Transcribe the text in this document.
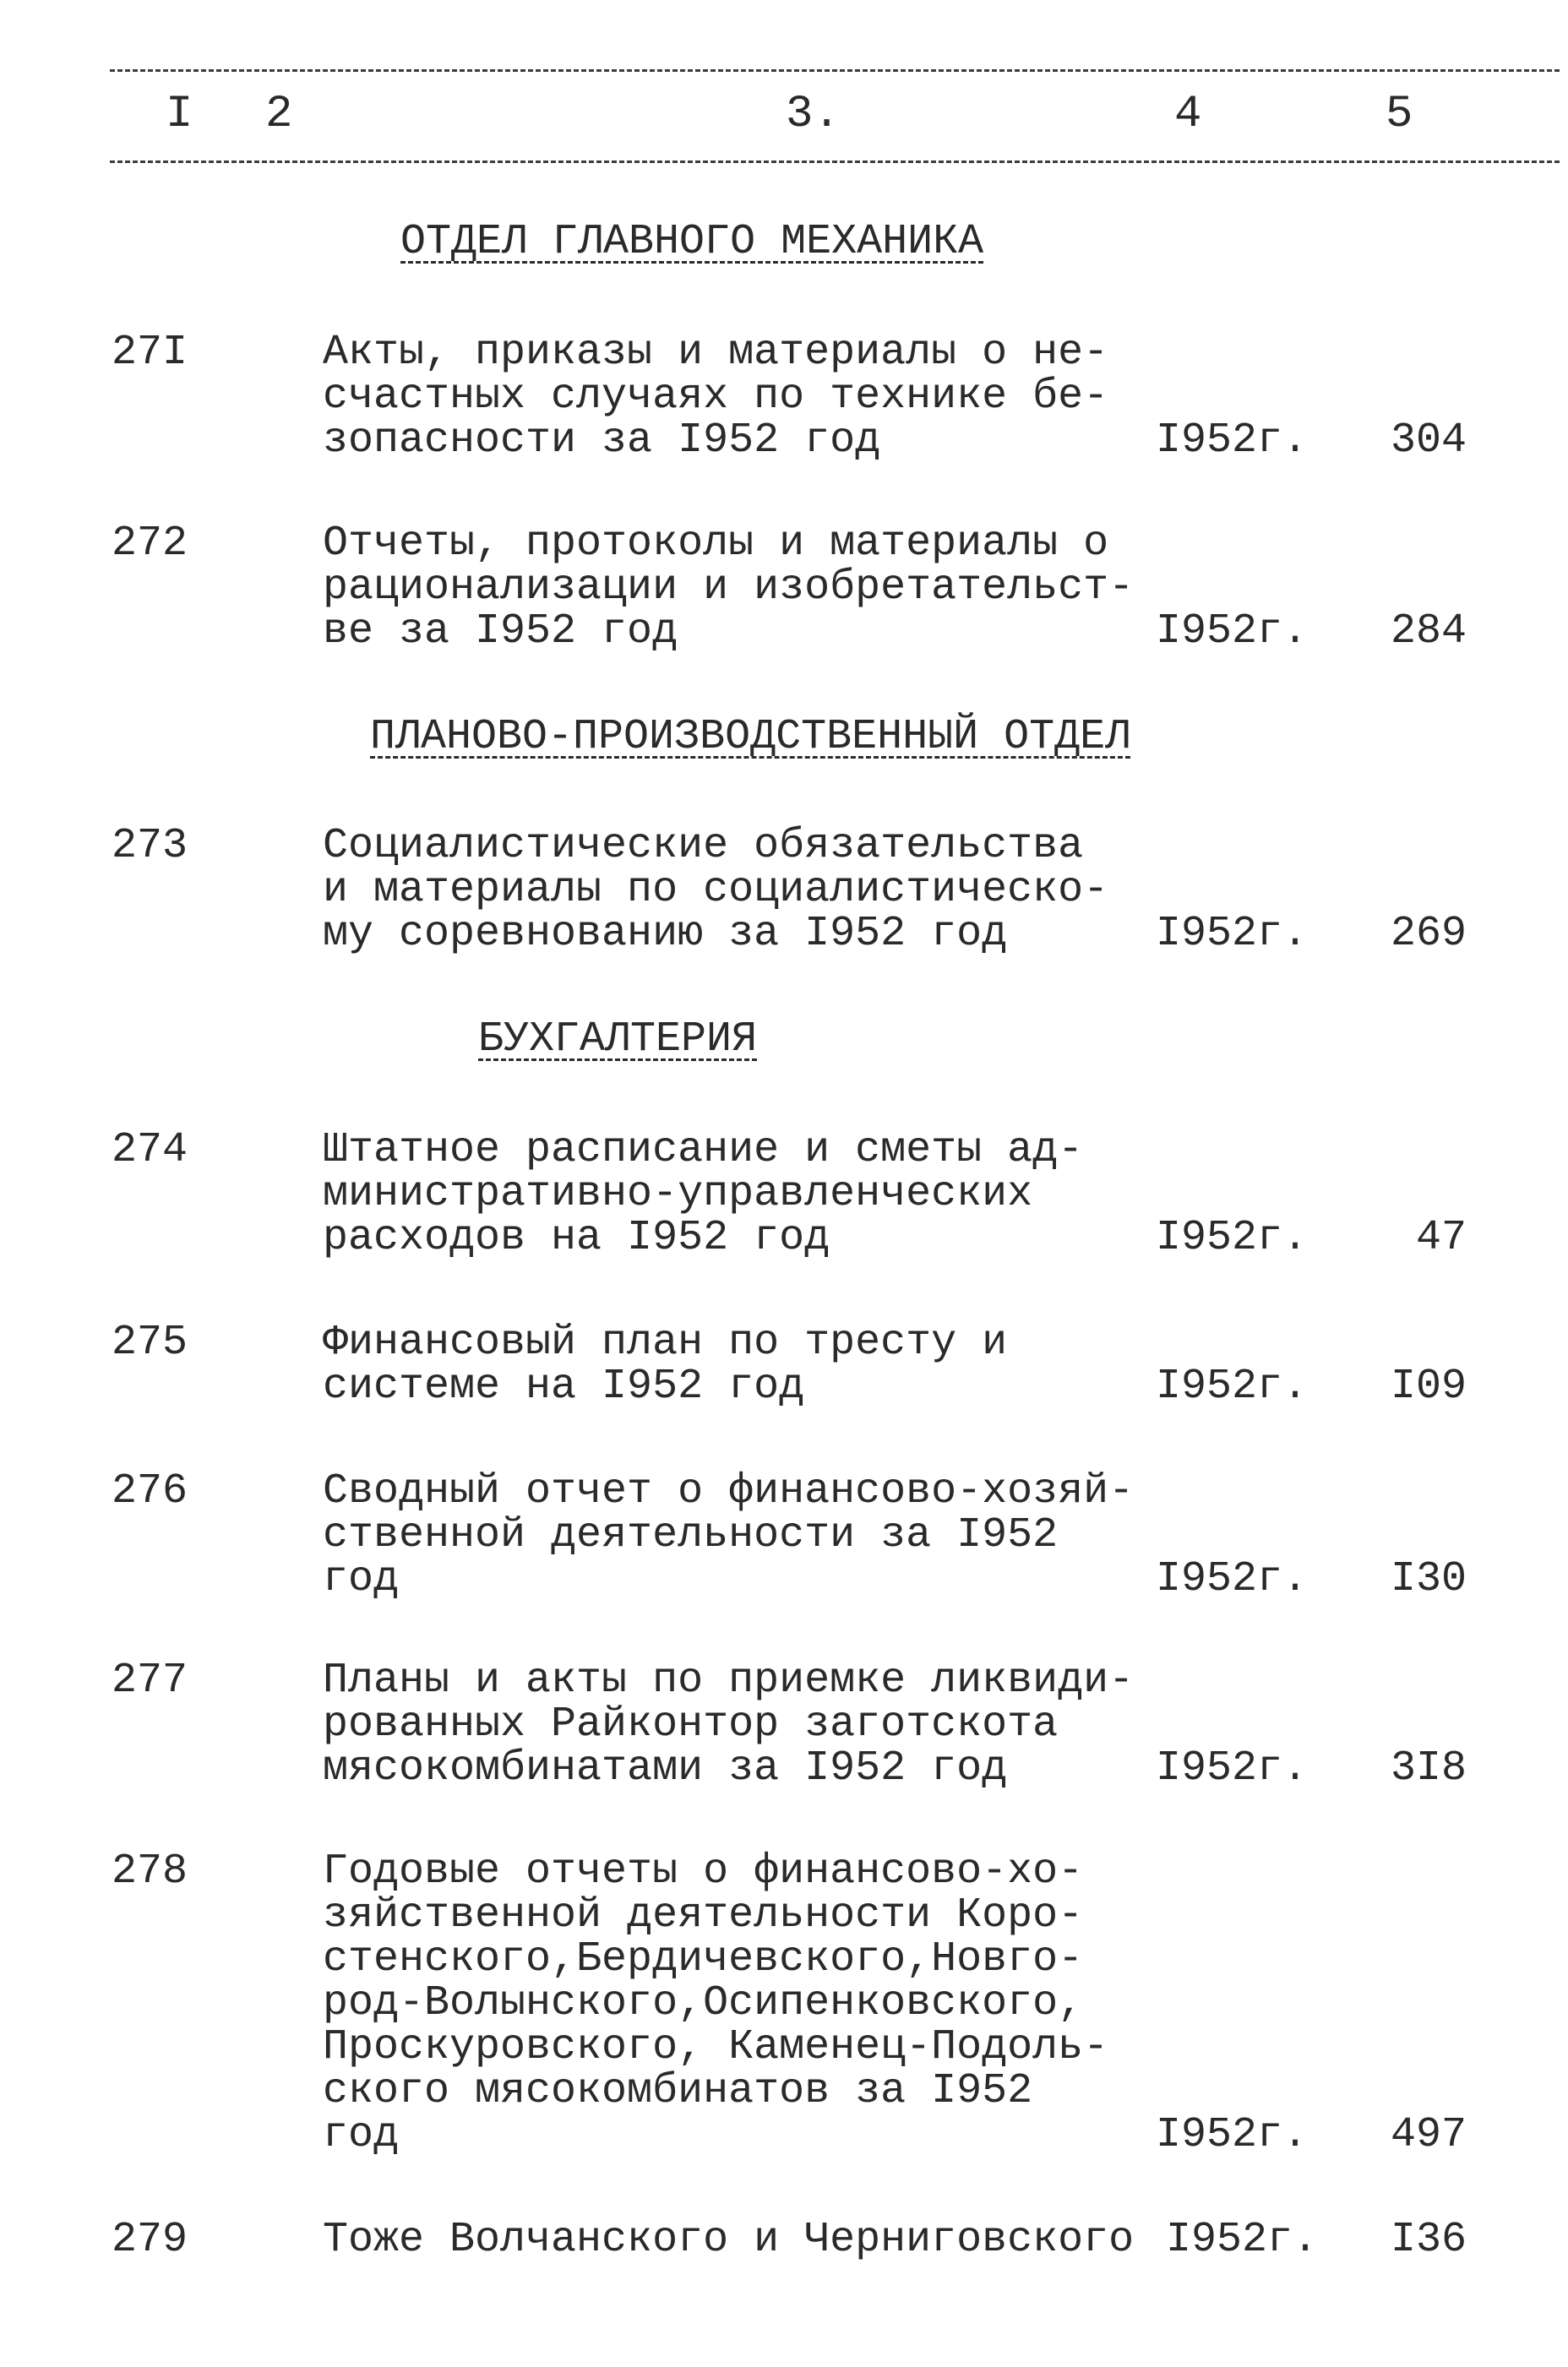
I 2	3.	4	5
ОТДЕЛ ГЛАВНОГО МЕХАНИКА
27I	Акты, приказы и материалы о не-
счастных случаях по технике бе-
зопасности за I952 год	I952г. 304
272	Отчеты, протоколы и материалы о
рационализации и изобретательст-
ве за I952 год	I952г. 284
ПЛАНОВО-ПРОИЗВОДСТВЕННЫЙ ОТДЕЛ
273	Социалистические обязательства
и материалы по социалистическо-
му соревнованию за I952 год	I952г. 269
БУХГАЛТЕРИЯ
274	Штатное расписание и сметы ад-
министративно-управленческих
расходов на I952 год	I952г.	47
275	Финансовый план по тресту и
системе на I952 год	I952г. I09
276	Сводный отчет о финансово-хозяй-
ственной деятельности за I952
год	I952г. I30
277	Планы и акты по приемке ликвиди-
рованных Райконтор заготскота
мясокомбинатами за I952 год	I952г. 3I8
278	Годовые отчеты о финансово-хо-
зяйственной деятельности Коро-
стенского,Бердичевского,Новго-
род-Волынского,Осипенковского,
Проскуровского, Каменец-Подоль-
ского мясокомбинатов за I952
год	I952г. 497
279	Тоже Волчанского и Черниговского I952г. I36
